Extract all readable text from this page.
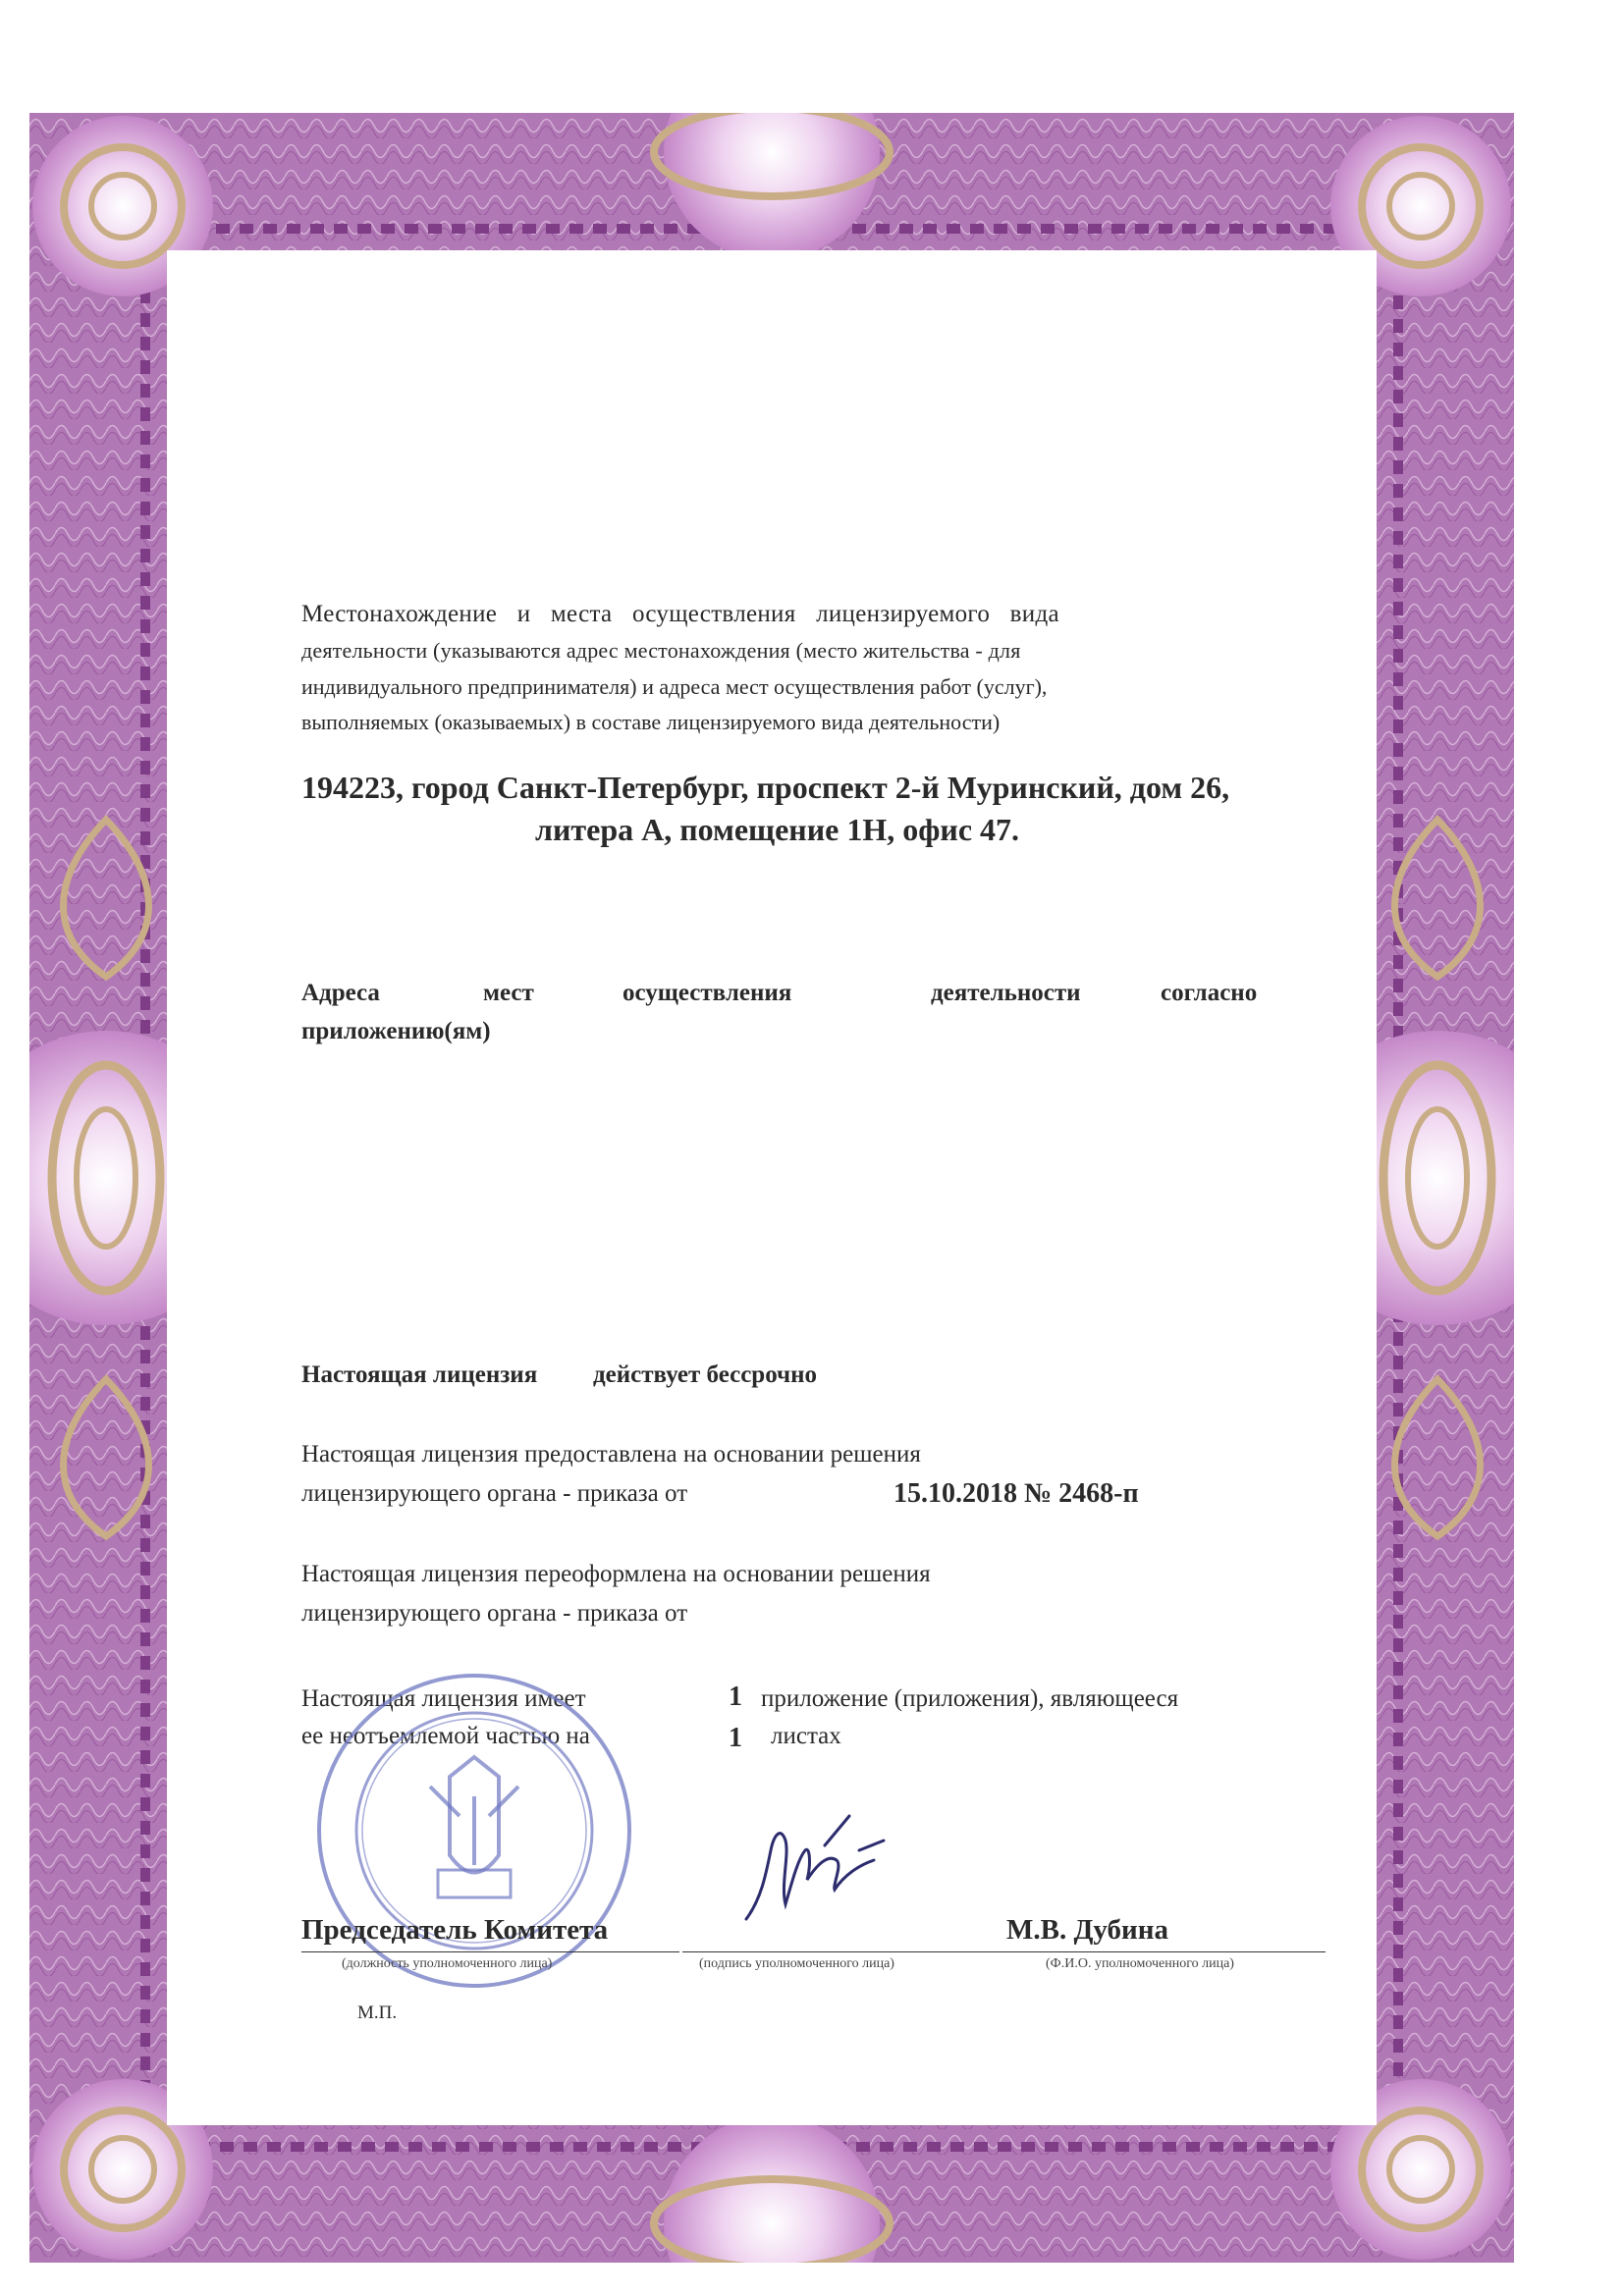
Местонахождение и места осуществления лицензируемого вида
деятельности (указываются адрес местонахождения (место жительства - для
индивидуального предпринимателя) и адреса мест осуществления работ (услуг),
выполняемых (оказываемых) в составе лицензируемого вида деятельности)
194223, город Санкт-Петербург, проспект 2-й Муринский, дом 26,
литера А, помещение 1Н, офис 47.
Адреса	мест	осуществления	деятельности	согласно
приложению(ям)
Настоящая лицензия действует бессрочно
Настоящая лицензия предоставлена на основании решения
лицензирующего органа - приказа от	15.10.2018 № 2468-п
Настоящая лицензия переоформлена на основании решения
лицензирующего органа - приказа от
Настоящая лицензия имеет	1 приложение (приложения), являющееся
ее неотъемлемой частью на	1 листах
Председатель Комитета
(должность уполномоченного лица)	(подпись уполномоченного лица)
М.В. Дубина
(Ф.И.О. уполномоченного лица)
М.П.
